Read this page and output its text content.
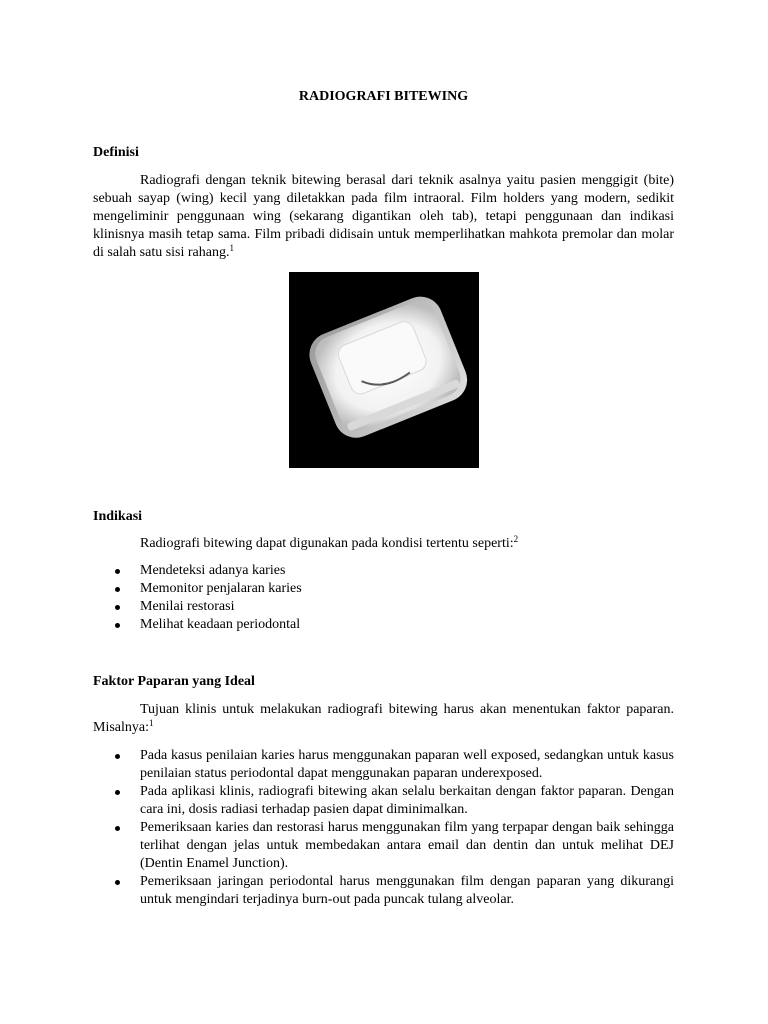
RADIOGRAFI BITEWING
Definisi

Radiografi dengan teknik bitewing berasal dari teknik asalnya yaitu pasien menggigit (bite) sebuah sayap (wing) kecil yang diletakkan pada film intraoral. Film holders yang modern, sedikit mengeliminir penggunaan wing (sekarang digantikan oleh tab), tetapi penggunaan dan indikasi klinisnya masih tetap sama. Film pribadi didisain untuk memperlihatkan mahkota premolar dan molar di salah satu sisi rahang.$^1$

Indikasi

Radiografi bitewing dapat digunakan pada kondisi tertentu seperti:$^2$

Mendeteksi adanya karies
Memonitor penjalaran karies
Menilai restorasi
Melihat keadaan periodontal
Faktor Paparan yang Ideal

Tujuan klinis untuk melakukan radiografi bitewing harus akan menentukan faktor paparan. Misalnya:$^1$

Pada kasus penilaian karies harus menggunakan paparan well exposed, sedangkan untuk kasus penilaian status periodontal dapat menggunakan paparan underexposed.
Pada aplikasi klinis, radiografi bitewing akan selalu berkaitan dengan faktor paparan. Dengan cara ini, dosis radiasi terhadap pasien dapat diminimalkan.
Pemeriksaan karies dan restorasi harus menggunakan film yang terpapar dengan baik sehingga terlihat dengan jelas untuk membedakan antara email dan dentin dan untuk melihat DEJ (Dentin Enamel Junction).
Pemeriksaan jaringan periodontal harus menggunakan film dengan paparan yang dikurangi untuk mengindari terjadinya burn-out pada puncak tulang alveolar.
